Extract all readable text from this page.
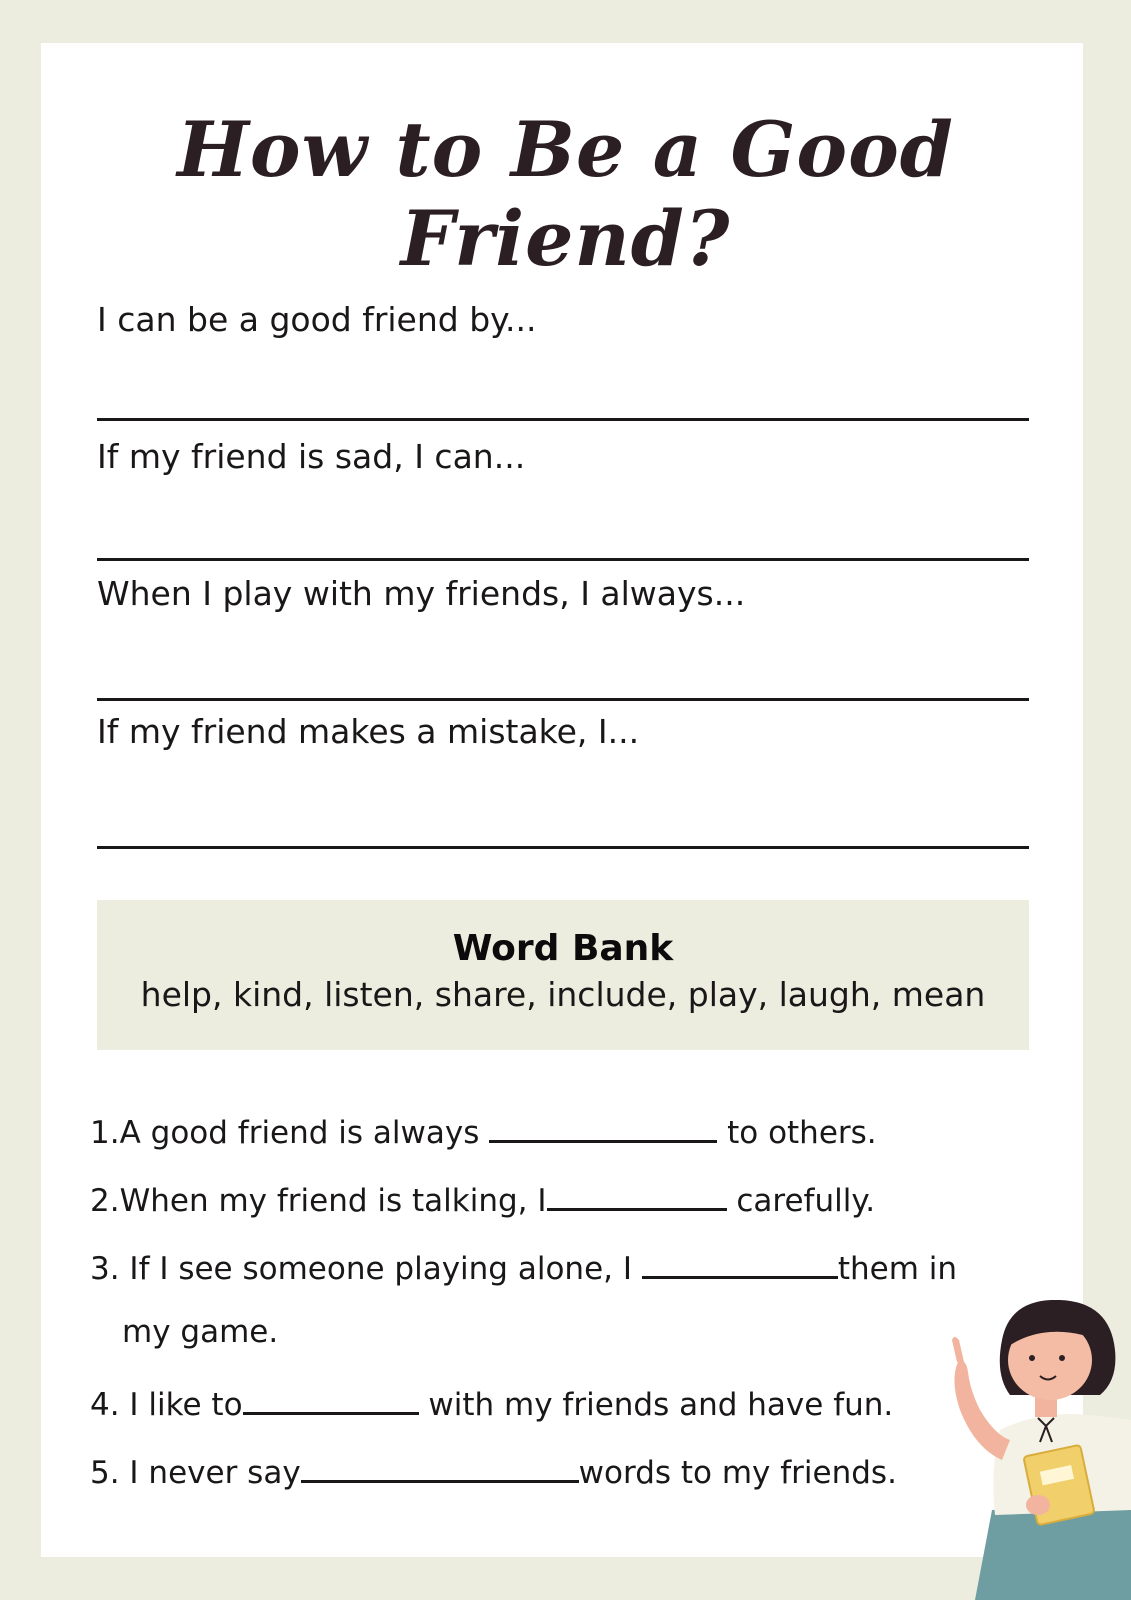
How to Be a Good Friend?

I can be a good friend by...

If my friend is sad, I can...

When I play with my friends, I always...

If my friend makes a mistake, I...

Word Bank

help, kind, listen, share, include, play, laugh, mean

1.A good friend is always	to others.

2.When my friend is talking, I	carefully.

3. If I see someone playing alone, I	them in

my game.

4. I like to	with my friends and have fun.

5. I never say	words to my friends.
